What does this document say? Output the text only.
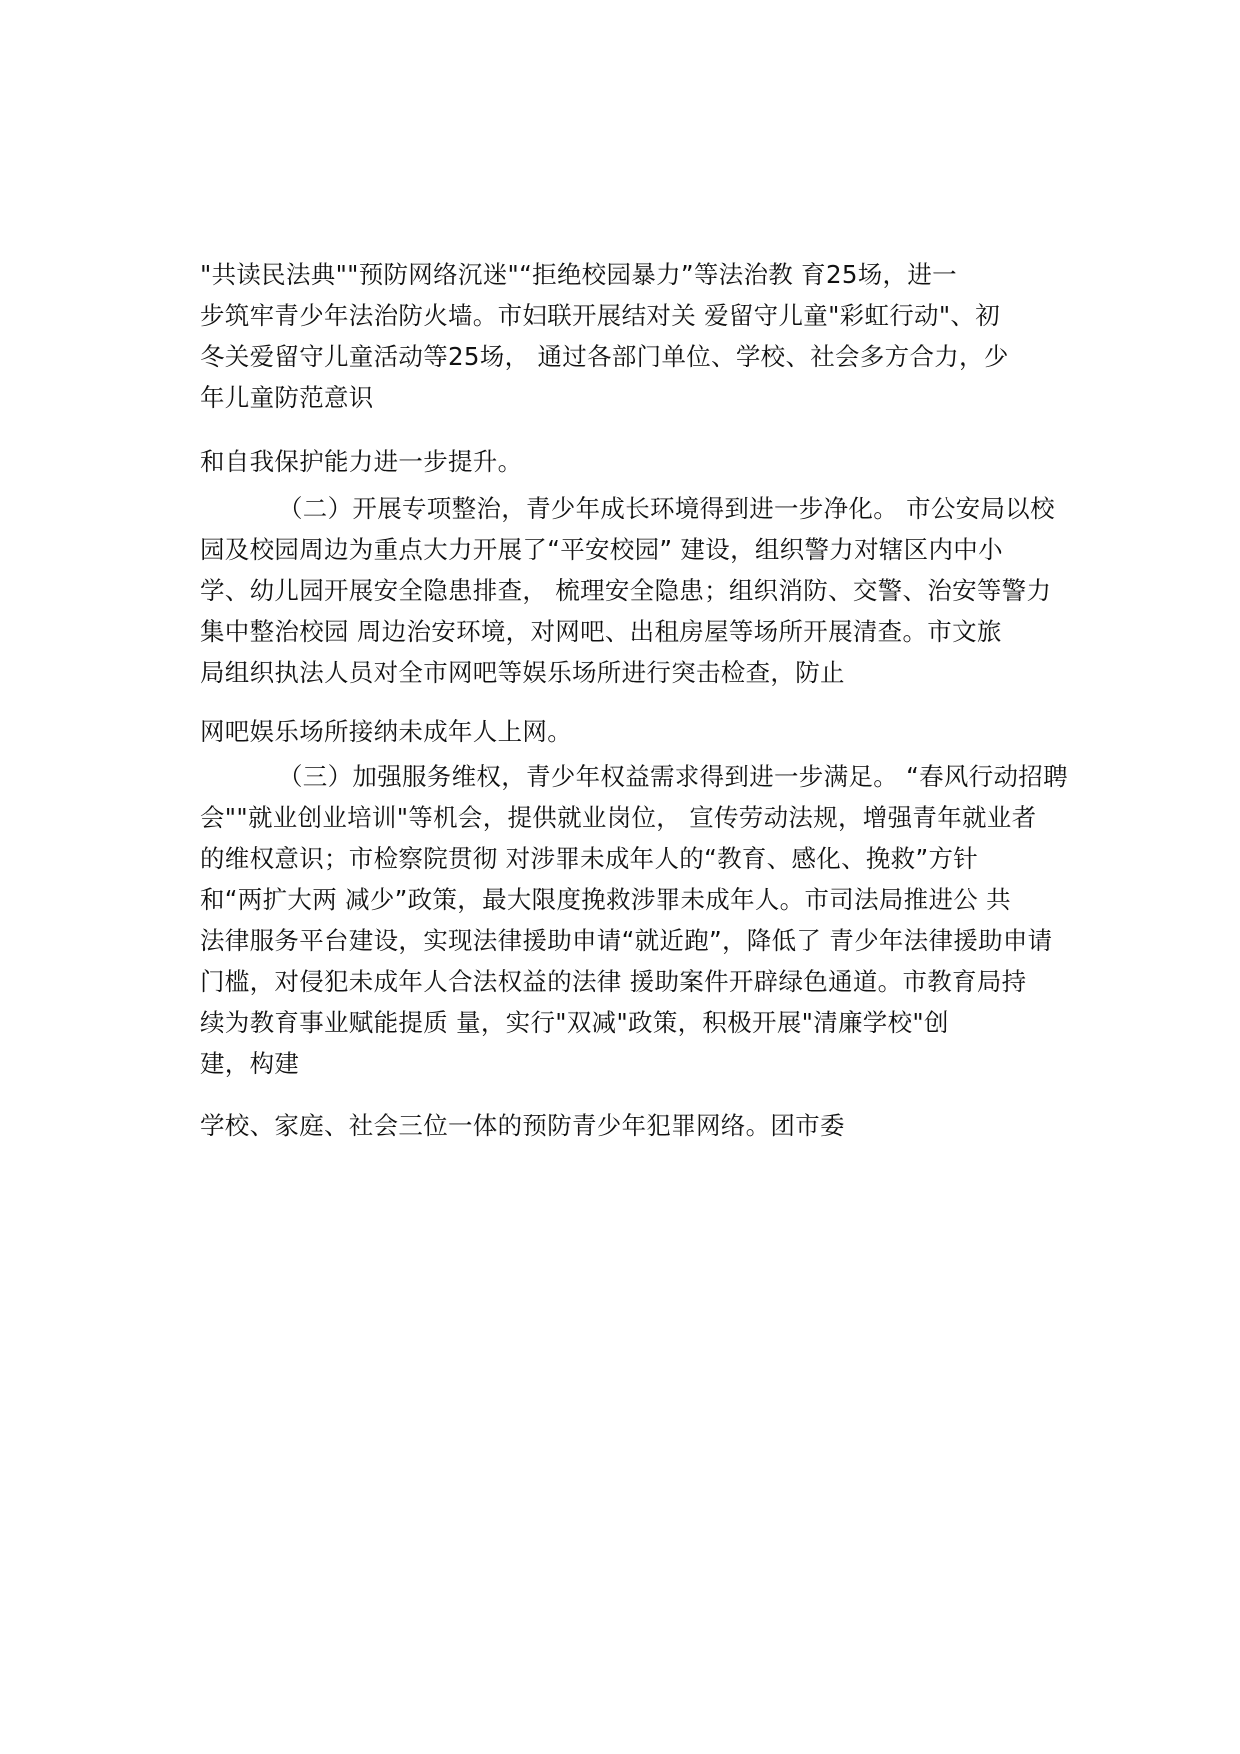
"共读民法典""预防网络沉迷"“拒绝校园暴力”等法治教 育25场，进一
步筑牢青少年法治防火墙。市妇联开展结对关 爱留守儿童"彩虹行动"、初
冬关爱留守儿童活动等25场， 通过各部门单位、学校、社会多方合力，少
年儿童防范意识
和自我保护能力进一步提升。
（二）开展专项整治，青少年成长环境得到进一步净化。 市公安局以校
园及校园周边为重点大力开展了“平安校园” 建设，组织警力对辖区内中小
学、幼儿园开展安全隐患排查， 梳理安全隐患；组织消防、交警、治安等警力
集中整治校园 周边治安环境，对网吧、出租房屋等场所开展清查。市文旅
局组织执法人员对全市网吧等娱乐场所进行突击检查，防止
网吧娱乐场所接纳未成年人上网。
（三）加强服务维权，青少年权益需求得到进一步满足。 “春风行动招聘
会""就业创业培训"等机会，提供就业岗位， 宣传劳动法规，增强青年就业者
的维权意识；市检察院贯彻 对涉罪未成年人的“教育、感化、挽救”方针
和“两扩大两 减少”政策，最大限度挽救涉罪未成年人。市司法局推进公 共
法律服务平台建设，实现法律援助申请“就近跑”，降低了 青少年法律援助申请
门槛，对侵犯未成年人合法权益的法律 援助案件开辟绿色通道。市教育局持
续为教育事业赋能提质 量，实行"双减"政策，积极开展"清廉学校"创
建，构建
学校、家庭、社会三位一体的预防青少年犯罪网络。团市委
